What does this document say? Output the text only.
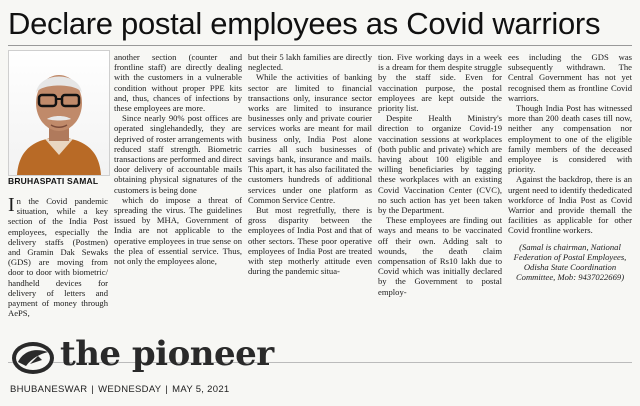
Declare postal employees as Covid warriors
BRUHASPATI SAMAL

In the Covid pandemic situation, while a key section of the India Post employees, especially the delivery staffs (Postmen) and Gramin Dak Sewaks (GDS) are moving from door to door with biometric/ handheld devices for delivery of letters and payment of money through AePS,

another section (counter and frontline staff) are directly dealing with the customers in a vulnerable condition without proper PPE kits and, thus, chances of infections by these employees are more.

Since nearly 90% post offices are operated singlehandedly, they are deprived of roster arrangements with reduced staff strength. Biometric transactions are performed and direct door delivery of accountable mails obtaining physical signatures of the customers is being done

which do impose a threat of spreading the virus. The guidelines issued by MHA, Government of India are not applicable to the operative employees in true sense on the plea of essential service. Thus, not only the employees alone,

but their 5 lakh families are directly neglected.

While the activities of banking sector are limited to financial transactions only, insurance sector works are limited to insurance businesses only and private courier services works are meant for mail business only, India Post alone carries all such businesses of savings bank, insurance and mails. This apart, it has also facilitated the customers hundreds of additional services under one platform as Common Service Centre.

But most regretfully, there is gross disparity between the employees of India Post and that of other sectors. These poor operative employees of India Post are treated with step motherly attitude even during the pandemic situa-

tion. Five working days in a week is a dream for them despite struggle by the staff side. Even for vaccination purpose, the postal employees are kept outside the priority list.

Despite Health Ministry's direction to organize Covid-19 vaccination sessions at workplaces (both public and private) which are having about 100 eligible and willing beneficiaries by tagging these workplaces with an existing Covid Vaccination Center (CVC), no such action has yet been taken by the Department.

These employees are finding out ways and means to be vaccinated off their own. Adding salt to wounds, the death claim compensation of Rs10 lakh due to Covid which was initially declared by the Government to postal employ-

ees including the GDS was subsequently withdrawn. The Central Government has not yet recognised them as frontline Covid warriors.

Though India Post has witnessed more than 200 death cases till now, neither any compensation nor employment to one of the eligible family members of the deceased employee is considered with priority.

Against the backdrop, there is an urgent need to identify thededicated workforce of India Post as Covid Warrior and provide themall the facilities as applicable for other Covid frontline workers.

(Samal is chairman, National Federation of Postal Employees, Odisha State Coordination Committee, Mob: 9437022669)

the pioneer
BHUBANESWAR | WEDNESDAY | MAY 5, 2021
